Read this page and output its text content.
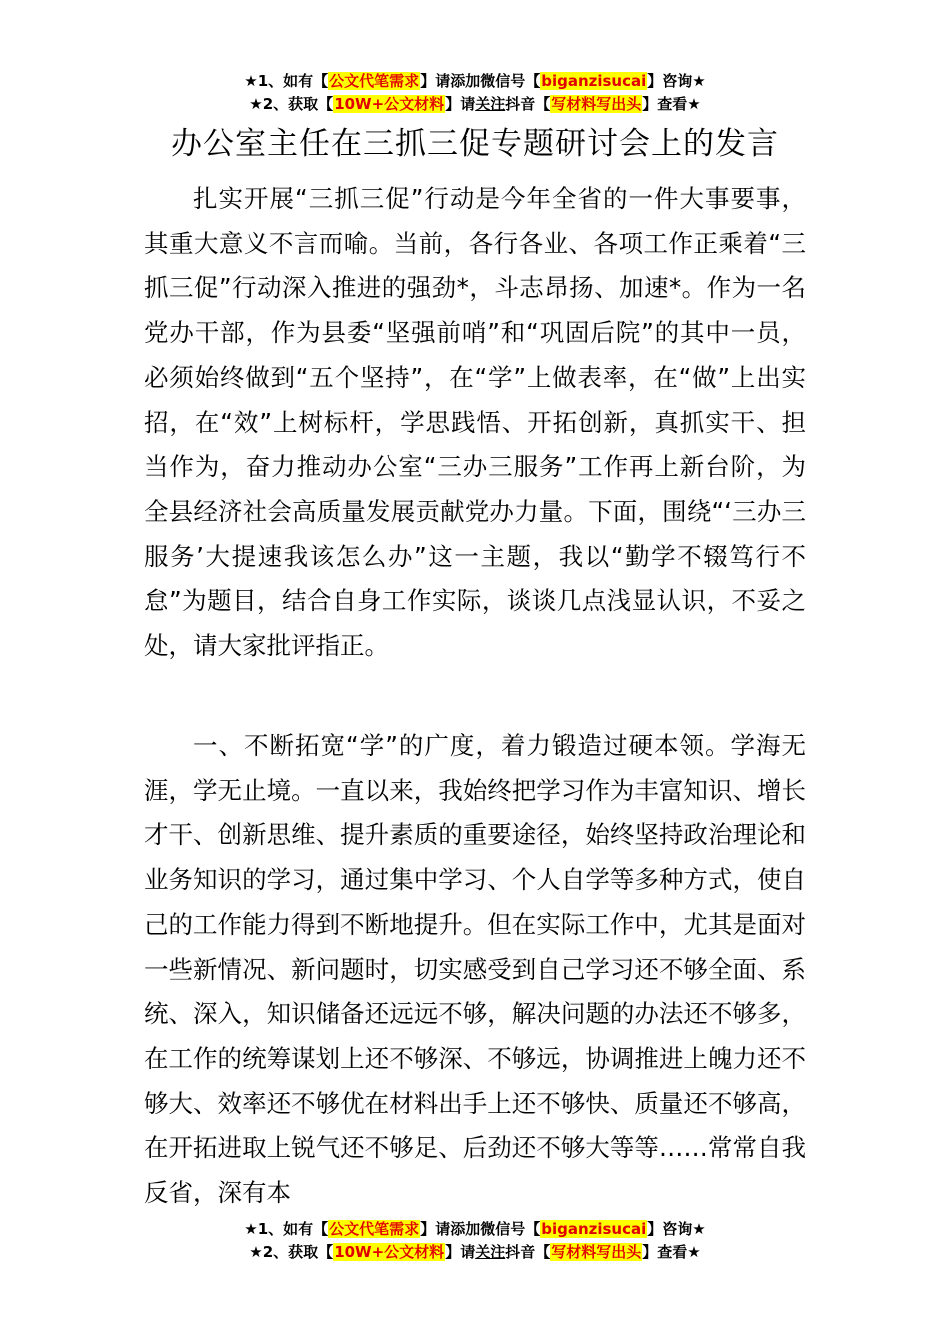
★1、如有【公文代笔需求】请添加微信号【biganzisucai】咨询★
★2、获取【10W+公文材料】请关注抖音【写材料写出头】查看★
办公室主任在三抓三促专题研讨会上的发言

扎实开展“三抓三促”行动是今年全省的一件大事要事，其重大意义不言而喻。当前，各行各业、各项工作正乘着“三抓三促”行动深入推进的强劲*，斗志昂扬、加速*。作为一名党办干部，作为县委“坚强前哨”和“巩固后院”的其中一员，必须始终做到“五个坚持”，在“学”上做表率，在“做”上出实招，在“效”上树标杆，学思践悟、开拓创新，真抓实干、担当作为，奋力推动办公室“三办三服务”工作再上新台阶，为全县经济社会高质量发展贡献党办力量。下面，围绕“‘三办三服务’大提速我该怎么办”这一主题，我以“勤学不辍笃行不怠”为题目，结合自身工作实际，谈谈几点浅显认识，不妥之处，请大家批评指正。

一、不断拓宽“学”的广度，着力锻造过硬本领。学海无涯，学无止境。一直以来，我始终把学习作为丰富知识、增长才干、创新思维、提升素质的重要途径，始终坚持政治理论和业务知识的学习，通过集中学习、个人自学等多种方式，使自己的工作能力得到不断地提升。但在实际工作中，尤其是面对一些新情况、新问题时，切实感受到自己学习还不够全面、系统、深入，知识储备还远远不够，解决问题的办法还不够多，在工作的统筹谋划上还不够深、不够远，协调推进上魄力还不够大、效率还不够优在材料出手上还不够快、质量还不够高，在开拓进取上锐气还不够足、后劲还不够大等等……常常自我反省，深有本

★1、如有【公文代笔需求】请添加微信号【biganzisucai】咨询★
★2、获取【10W+公文材料】请关注抖音【写材料写出头】查看★
